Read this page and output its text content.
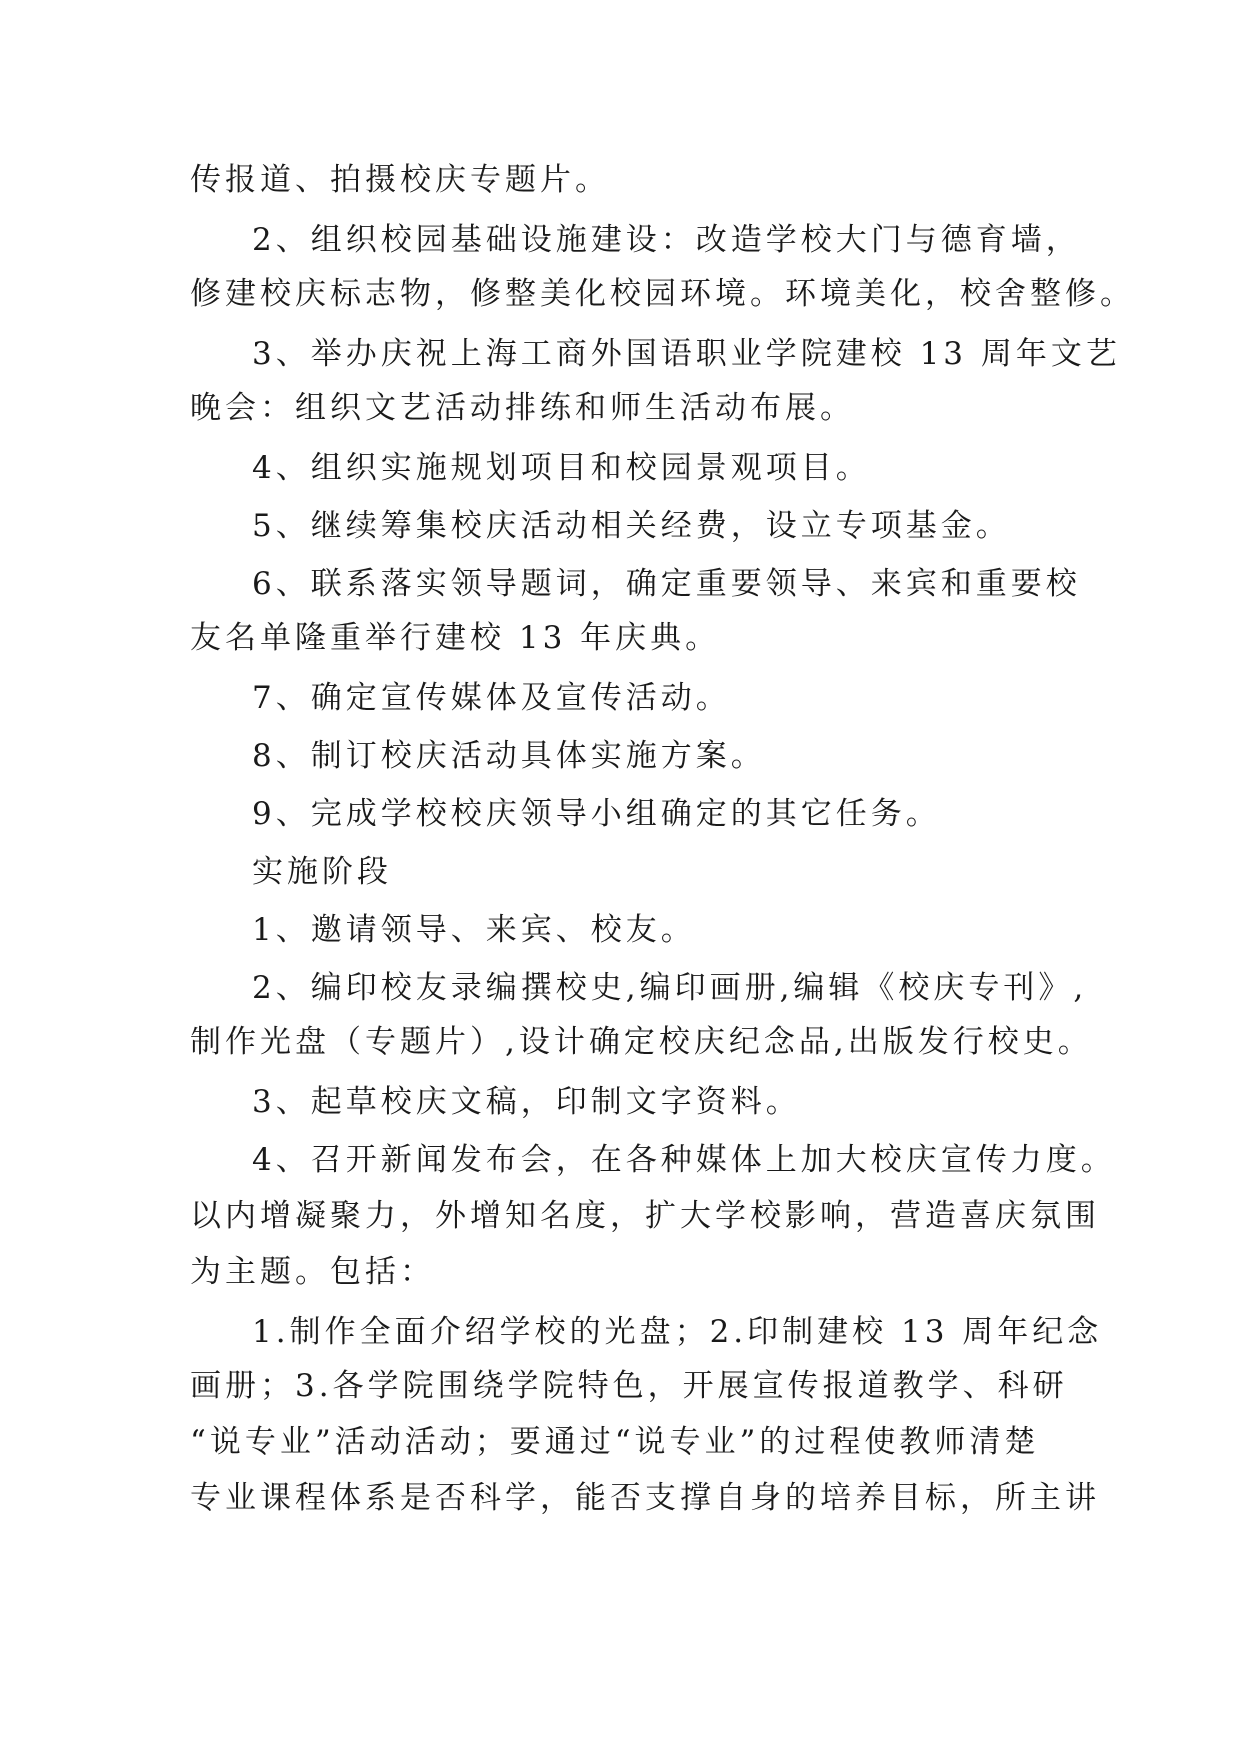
传报道、拍摄校庆专题片。
2、组织校园基础设施建设：改造学校大门与德育墙，
修建校庆标志物，修整美化校园环境。环境美化，校舍整修。
3、举办庆祝上海工商外国语职业学院建校 13 周年文艺
晚会：组织文艺活动排练和师生活动布展。
4、组织实施规划项目和校园景观项目。
5、继续筹集校庆活动相关经费，设立专项基金。
6、联系落实领导题词，确定重要领导、来宾和重要校
友名单隆重举行建校 13 年庆典。
7、确定宣传媒体及宣传活动。
8、制订校庆活动具体实施方案。
9、完成学校校庆领导小组确定的其它任务。
实施阶段
1、邀请领导、来宾、校友。
2、编印校友录编撰校史,编印画册,编辑《校庆专刊》,
制作光盘（专题片）,设计确定校庆纪念品,出版发行校史。
3、起草校庆文稿，印制文字资料。
4、召开新闻发布会，在各种媒体上加大校庆宣传力度。
以内增凝聚力，外增知名度，扩大学校影响，营造喜庆氛围
为主题。包括：
1.制作全面介绍学校的光盘；2.印制建校 13 周年纪念
画册；3.各学院围绕学院特色，开展宣传报道教学、科研
“说专业”活动活动；要通过“说专业”的过程使教师清楚
专业课程体系是否科学，能否支撑自身的培养目标，所主讲
